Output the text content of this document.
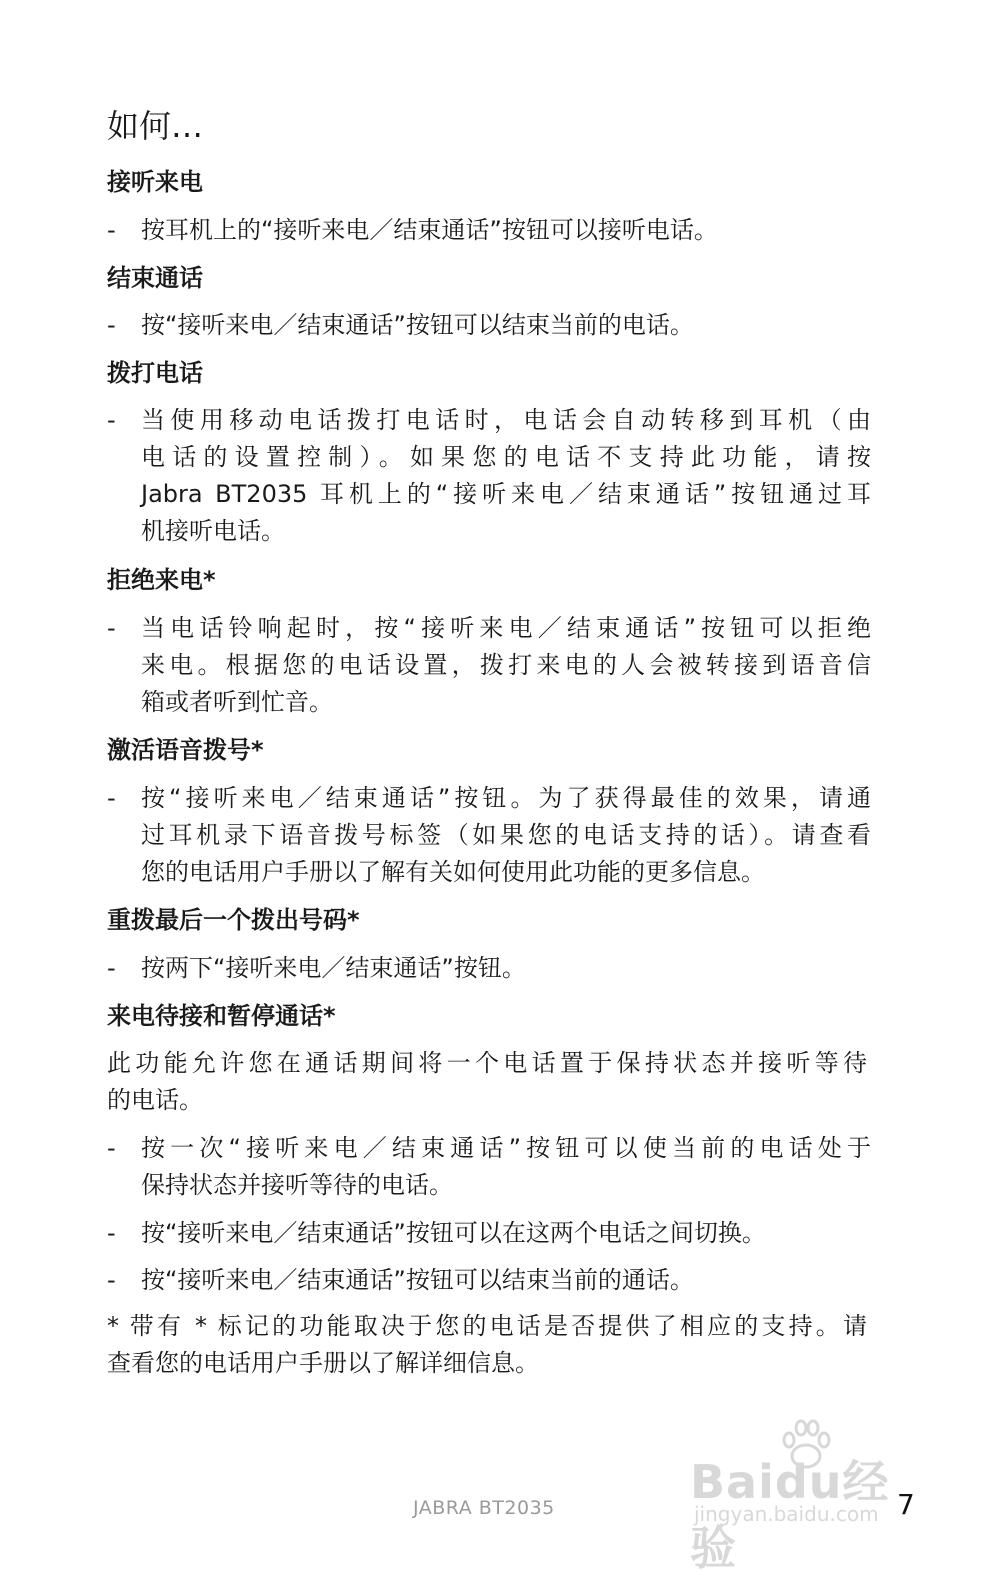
如何…
接听来电
-	按耳机上的“接听来电／结束通话”按钮可以接听电话。
结束通话
-	按“接听来电／结束通话”按钮可以结束当前的电话。
拨打电话
-	当使用移动电话拨打电话时，电话会自动转移到耳机（由
电话的设置控制）。如果您的电话不支持此功能，请按
Jabra BT2035 耳机上的“接听来电／结束通话”按钮通过耳
机接听电话。
拒绝来电*
-	当电话铃响起时，按“接听来电／结束通话”按钮可以拒绝
来电。根据您的电话设置，拨打来电的人会被转接到语音信
箱或者听到忙音。
激活语音拨号*
-	按“接听来电／结束通话”按钮。为了获得最佳的效果，请通
过耳机录下语音拨号标签（如果您的电话支持的话）。请查看
您的电话用户手册以了解有关如何使用此功能的更多信息。
重拨最后一个拨出号码*
-	按两下“接听来电／结束通话”按钮。
来电待接和暂停通话*
此功能允许您在通话期间将一个电话置于保持状态并接听等待
的电话。
-	按一次“接听来电／结束通话”按钮可以使当前的电话处于
保持状态并接听等待的电话。
-	按“接听来电／结束通话”按钮可以在这两个电话之间切换。
-	按“接听来电／结束通话”按钮可以结束当前的通话。
* 带有 * 标记的功能取决于您的电话是否提供了相应的支持。请
查看您的电话用户手册以了解详细信息。
JABRA BT2035	7
Baidu经验
jingyan.baidu.com
